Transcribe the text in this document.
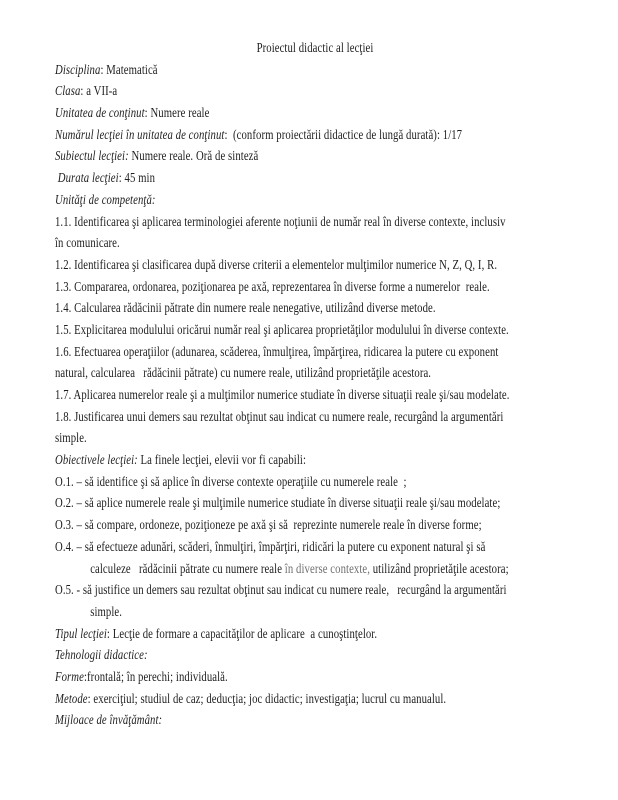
Proiectul didactic al lecţiei
Disciplina: Matematică
Clasa: a VII-a
Unitatea de conţinut: Numere reale
Numărul lecţiei în unitatea de conţinut:  (conform proiectării didactice de lungă durată): 1/17
Subiectul lecţiei: Numere reale. Oră de sinteză
Durata lecţiei: 45 min
Unităţi de competenţă:
1.1. Identificarea şi aplicarea terminologiei aferente noţiunii de număr real în diverse contexte, inclusiv
în comunicare.
1.2. Identificarea şi clasificarea după diverse criterii a elementelor mulţimilor numerice N, Z, Q, I, R.
1.3. Compararea, ordonarea, poziţionarea pe axă, reprezentarea în diverse forme a numerelor  reale.
1.4. Calcularea rădăcinii pătrate din numere reale nenegative, utilizând diverse metode.
1.5. Explicitarea modulului oricărui număr real şi aplicarea proprietăţilor modulului în diverse contexte.
1.6. Efectuarea operaţiilor (adunarea, scăderea, înmulţirea, împărţirea, ridicarea la putere cu exponent
natural, calcularea   rădăcinii pătrate) cu numere reale, utilizând proprietăţile acestora.
1.7. Aplicarea numerelor reale şi a mulţimilor numerice studiate în diverse situaţii reale şi/sau modelate.
1.8. Justificarea unui demers sau rezultat obţinut sau indicat cu numere reale, recurgând la argumentări
simple.
Obiectivele lecţiei: La finele lecţiei, elevii vor fi capabili:
O.1. – să identifice şi să aplice în diverse contexte operaţiile cu numerele reale  ;
O.2. – să aplice numerele reale şi mulţimile numerice studiate în diverse situaţii reale şi/sau modelate;
O.3. – să compare, ordoneze, poziţioneze pe axă şi să  reprezinte numerele reale în diverse forme;
O.4. – să efectueze adunări, scăderi, înmulţiri, împărţiri, ridicări la putere cu exponent natural şi să
calculeze   rădăcinii pătrate cu numere reale în diverse contexte, utilizând proprietăţile acestora;
O.5. - să justifice un demers sau rezultat obţinut sau indicat cu numere reale,   recurgând la argumentări
simple.
Tipul lecţiei: Lecţie de formare a capacităţilor de aplicare  a cunoştinţelor.
Tehnologii didactice:
Forme:frontală; în perechi; individuală.
Metode: exerciţiul; studiul de caz; deducţia; joc didactic; investigaţia; lucrul cu manualul.
Mijloace de învăţământ:
